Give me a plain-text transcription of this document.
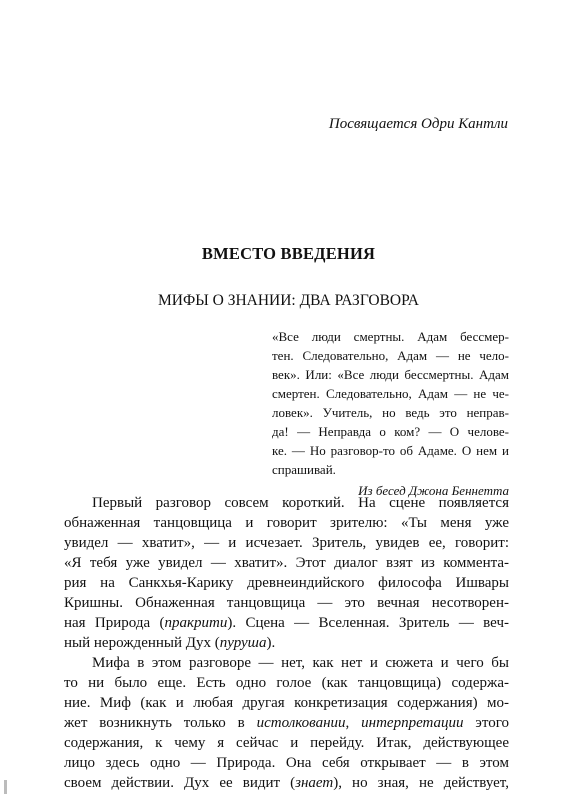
Посвящается Одри Кантли
ВМЕСТО ВВЕДЕНИЯ
МИФЫ О ЗНАНИИ: ДВА РАЗГОВОРА
«Все люди смертны. Адам бессмер-
тен. Следовательно, Адам — не чело-
век». Или: «Все люди бессмертны. Адам
смертен. Следовательно, Адам — не че-
ловек». Учитель, но ведь это неправ-
да! — Неправда о ком? — О челове-
ке. — Но разговор-то об Адаме. О нем и
спрашивай.
Из бесед Джона Беннетта
Первый разговор совсем короткий. На сцене появляется
обнаженная танцовщица и говорит зрителю: «Ты меня уже
увидел — хватит», — и исчезает. Зритель, увидев ее, говорит:
«Я тебя уже увидел — хватит». Этот диалог взят из коммента-
рия на Санкхья-Карику древнеиндийского философа Ишвары
Кришны. Обнаженная танцовщица — это вечная несотворен-
ная Природа (пракрити). Сцена — Вселенная. Зритель — веч-
ный нерожденный Дух (пуруша).
Мифа в этом разговоре — нет, как нет и сюжета и чего бы
то ни было еще. Есть одно голое (как танцовщица) содержа-
ние. Миф (как и любая другая конкретизация содержания) мо-
жет возникнуть только в истолковании, интерпретации этого
содержания, к чему я сейчас и перейду. Итак, действующее
лицо здесь одно — Природа. Она себя открывает — в этом
своем действии. Дух ее видит (знает), но зная, не действует,
